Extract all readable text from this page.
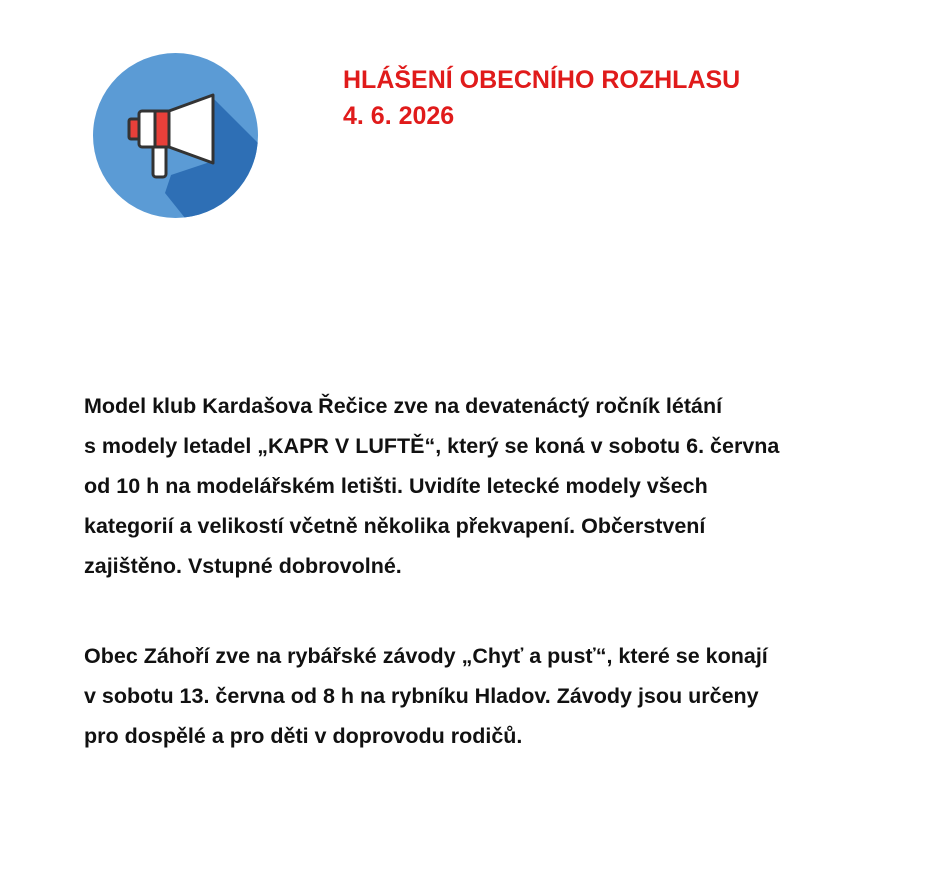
HLÁŠENÍ OBECNÍHO ROZHLASU
4. 6. 2026

Model klub Kardašova Řečice zve na devatenáctý ročník létání
s modely letadel „KAPR V LUFTĚ“, který se koná v sobotu 6. června
od 10 h na modelářském letišti. Uvidíte letecké modely všech
kategorií a velikostí včetně několika překvapení. Občerstvení
zajištěno. Vstupné dobrovolné.

Obec Záhoří zve na rybářské závody „Chyť a pusť“, které se konají
v sobotu 13. června od 8 h na rybníku Hladov. Závody jsou určeny
pro dospělé a pro děti v doprovodu rodičů.
